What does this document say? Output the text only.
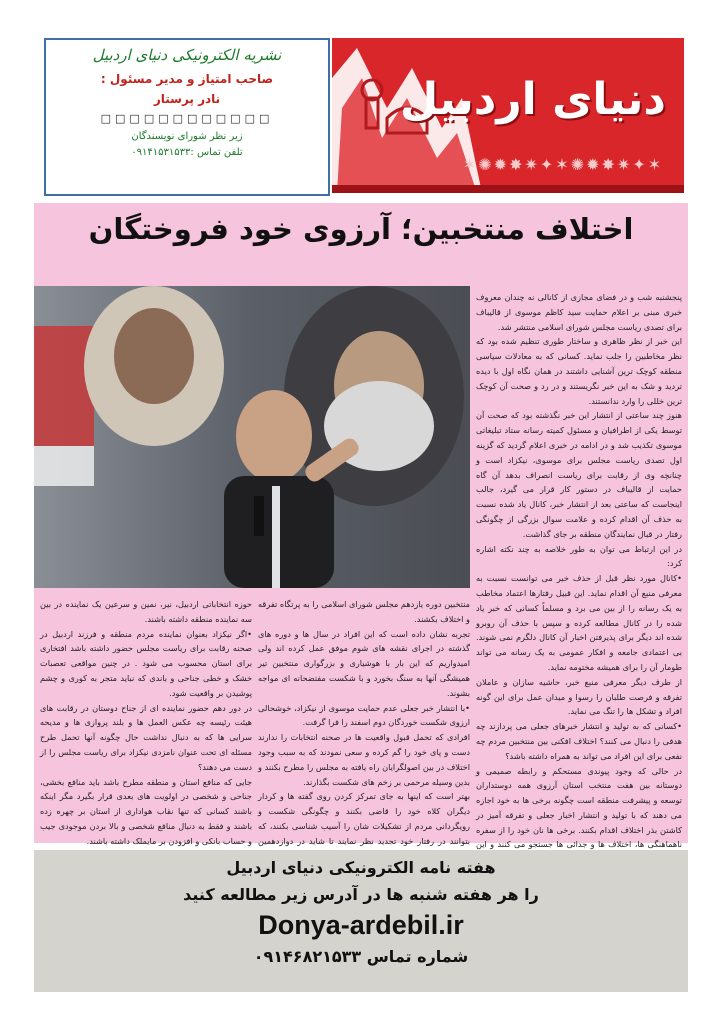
نشریه الکترونیکی دنیای اردبیل
صاحب امتیاز و مدیر مسئول :
نادر پرستار
□□□□□□□□□□□□
زیر نظر شورای نویسندگان
تلفن تماس :۰۹۱۴۱۵۳۱۵۳۳
دنیای اردبیل
✶✦✷✸✹✺✶✦✷✸✹✺✶
اختلاف منتخبین؛ آرزوی خود فروختگان

پنجشنبه شب و در فضای مجازی از کانالی نه چندان معروف خبری مبنی بر اعلام حمایت سید کاظم موسوی از قالیباف برای تصدی ریاست مجلس شورای اسلامی منتشر شد.

این خبر از نظر ظاهری و ساختار طوری تنظیم شده بود که نظر مخاطبین را جلب نماید. کسانی که به معادلات سیاسی منطقه کوچک ترین آشنایی داشتند در همان نگاه اول با دیده تردید و شک به این خبر نگریستند و در رد و صحت آن کوچک ترین خللی را وارد ندانستند.

هنوز چند ساعتی از انتشار این خبر نگذشته بود که صحت آن توسط یکی از اطرافیان و مسئول کمیته رسانه ستاد تبلیغاتی موسوی تکذیب شد و در ادامه در خبری اعلام گردید که گزینه اول تصدی ریاست مجلس برای موسوی، نیکزاد است و چنانچه وی از رقابت برای ریاست انصراف بدهد آن گاه حمایت از قالیباف در دستور کار قرار می گیرد، جالب اینجاست که ساعتی بعد از انتشار خبر، کانال یاد شده نسبت به حذف آن اقدام کرده و علامت سوال بزرگی از چگونگی رفتار در قبال نمایندگان منطقه بر جای گذاشت.

در این ارتباط می توان به طور خلاصه به چند نکته اشاره کرد:

•کانال مورد نظر قبل از حذف خبر می توانست نسبت به معرفی منبع آن اقدام نماید. این قبیل رفتارها اعتماد مخاطب به یک رسانه را از بین می برد و مسلماً کسانی که خبر یاد شده را در کانال مطالعه کرده و سپس با حذف آن روبرو شده اند دیگر برای پذیرفتن اخبار آن کانال دلگرم نمی شوند. بی اعتمادی جامعه و افکار عمومی به یک رسانه می تواند طومار آن را برای همیشه مختومه نماید.

از طرف دیگر معرفی منبع خبر، حاشیه سازان و عاملان تفرقه و فرصت طلبان را رسوا و میدان عمل برای این گونه افراد و تشکل ها را تنگ می نماید.

•کسانی که به تولید و انتشار خبرهای جعلی می پردازند چه هدفی را دنبال می کنند؟ اختلاف افکنی بین منتخبین مردم چه نفعی برای این افراد می تواند به همراه داشته باشد؟

در حالی که وجود پیوندی مستحکم و رابطه صمیمی و دوستانه بین هفت منتخب استان آرزوی همه دوستداران توسعه و پیشرفت منطقه است چگونه برخی ها به خود اجازه می دهند که با تولید و انتشار اخبار جعلی و تفرقه آمیز در کاشتن بذر اختلاف اقدام بکنند. برخی ها نان خود را از سفره ناهماهنگی ها، اختلاف ها و جدائی ها جستجو می کنند و این

منتخبین دوره یازدهم مجلس شورای اسلامی را به پرتگاه تفرقه و اختلاف بکشند.

تجربه نشان داده است که این افراد در سال ها و دوره های گذشته در اجرای نقشه های شوم موفق عمل کرده اند ولی امیدواریم که این بار با هوشیاری و بزرگواری منتخبین تیر همیشگی آنها به سنگ بخورد و با شکست مفتضحانه ای مواجه بشوند.

•با انتشار خبر جعلی عدم حمایت موسوی از نیکزاد، خوشحالی ارزوی شکست خوردگان دوم اسفند را فرا گرفت.

افرادی که تحمل قبول واقعیت ها در صحنه انتخابات را ندارند دست و پای خود را گم کرده و سعی نمودند که به سبب وجود اختلاف در بین اصولگرایان راه یافته به مجلس را مطرح بکنند و بدین وسیله مرحمی بر زخم های شکست بگذارند.

بهتر است که اینها به جای تمرکز کردن روی گفته ها و کردار دیگران کلاه خود را قاضی بکنند و چگونگی شکست و رویگردانی مردم از تشکیلات شان را آسیب شناسی بکنند، که بتوانند در رفتار خود تجدید نظر نمایند تا شاید در دوازدهمین

حوزه انتخاباتی اردبیل، نیر، نمین و سرعین یک نماینده در بین سه نماینده منطقه داشته باشند.

•اگر نیکزاد بعنوان نماینده مردم منطقه و فرزند اردبیل در صحنه رقابت برای ریاست مجلس حضور داشته باشد افتخاری برای استان محسوب می شود . در چنین مواقعی تعصبات خشک و خطی جناحی و باندی که نباید متجر به کوری و چشم پوشیدن بر واقعیت شود.

در دور دهم حضور نماینده ای از جناح دوستان در رقابت های هیئت رئیسه چه عکس العمل ها و بلند پروازی ها و مدیحه سرایی ها که به دنبال نداشت حال چگونه آنها تحمل طرح مسئله ای تحت عنوان نامزدی نیکزاد برای ریاست مجلس را از دست می دهند؟

جایی که منافع استان و منطقه مطرح باشد باید منافع بخشی، جناحی و شخصی در اولویت های بعدی قرار بگیرد مگر اینکه باشند کسانی که تنها نقاب هواداری از استان بر چهره زده باشند و فقط به دنبال منافع شخصی و بالا بردن موجودی جیب و حساب بانکی و افزودن بر مایملک داشته باشند.

هفته نامه الکترونیکی دنیای اردبیل
را هر هفته شنبه ها در آدرس زیر مطالعه کنید
Donya-ardebil.ir
شماره تماس ۰۹۱۴۶۸۲۱۵۳۳
